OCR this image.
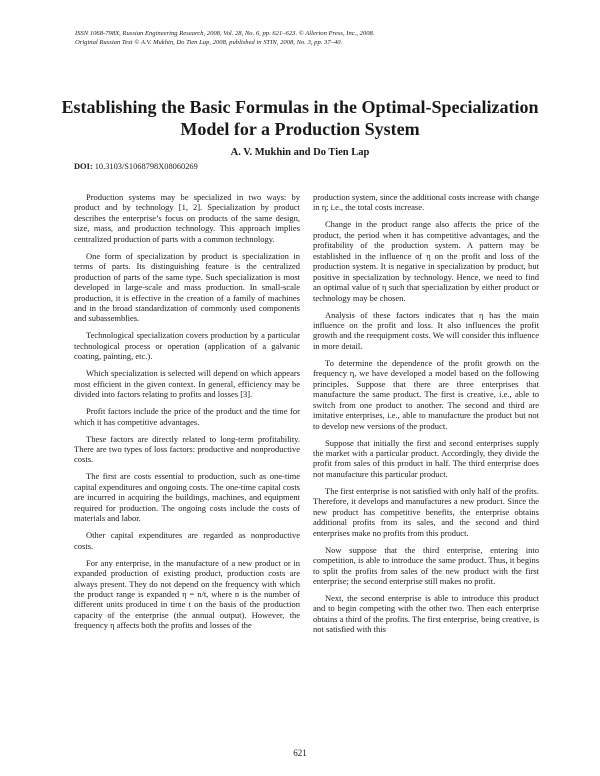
ISSN 1068-798X, Russian Engineering Research, 2008, Vol. 28, No. 6, pp. 621–623. © Allerton Press, Inc., 2008.
Original Russian Text © A.V. Mukhin, Do Tien Lap, 2008, published in STIN, 2008, No. 3, pp. 37–40.
Establishing the Basic Formulas in the Optimal-Specialization Model for a Production System
A. V. Mukhin and Do Tien Lap
DOI: 10.3103/S1068798X08060269

Production systems may be specialized in two ways: by product and by technology [1, 2]. Specialization by product describes the enterprise’s focus on products of the same design, size, mass, and production technology. This approach implies centralized production of parts with a common technology.

One form of specialization by product is specialization in terms of parts. Its distinguishing feature is the centralized production of parts of the same type. Such specialization is most developed in large-scale and mass production. In small-scale production, it is effective in the creation of a family of machines and in the broad standardization of commonly used components and subassemblies.

Technological specialization covers production by a particular technological process or operation (application of a galvanic coating, painting, etc.).

Which specialization is selected will depend on which appears most efficient in the given context. In general, efficiency may be divided into factors relating to profits and losses [3].

Profit factors include the price of the product and the time for which it has competitive advantages.

These factors are directly related to long-term profitability. There are two types of loss factors: productive and nonproductive costs.

The first are costs essential to production, such as one-time capital expenditures and ongoing costs. The one-time capital costs are incurred in acquiring the buildings, machines, and equipment required for production. The ongoing costs include the costs of materials and labor.

Other capital expenditures are regarded as nonproductive costs.

For any enterprise, in the manufacture of a new product or in expanded production of existing product, production costs are always present. They do not depend on the frequency with which the product range is expanded η = n/t, where n is the number of different units produced in time t on the basis of the production capacity of the enterprise (the annual output). However, the frequency η affects both the profits and losses of the

production system, since the additional costs increase with change in η; i.e., the total costs increase.

Change in the product range also affects the price of the product, the period when it has competitive advantages, and the profitability of the production system. A pattern may be established in the influence of η on the profit and loss of the production system. It is negative in specialization by product, but positive in specialization by technology. Hence, we need to find an optimal value of η such that specialization by either product or technology may be chosen.

Analysis of these factors indicates that η has the main influence on the profit and loss. It also influences the profit growth and the reequipment costs. We will consider this influence in more detail.

To determine the dependence of the profit growth on the frequency η, we have developed a model based on the following principles. Suppose that there are three enterprises that manufacture the same product. The first is creative, i.e., able to switch from one product to another. The second and third are imitative enterprises, i.e., able to manufacture the product but not to develop new versions of the product.

Suppose that initially the first and second enterprises supply the market with a particular product. Accordingly, they divide the profit from sales of this product in half. The third enterprise does not manufacture this particular product.

The first enterprise is not satisfied with only half of the profits. Therefore, it develops and manufactures a new product. Since the new product has competitive benefits, the enterprise obtains additional profits from its sales, and the second and third enterprises make no profits from this product.

Now suppose that the third enterprise, entering into competition, is able to introduce the same product. Thus, it begins to split the profits from sales of the new product with the first enterprise; the second enterprise still makes no profit.

Next, the second enterprise is able to introduce this product and to begin competing with the other two. Then each enterprise obtains a third of the profits. The first enterprise, being creative, is not satisfied with this

621
